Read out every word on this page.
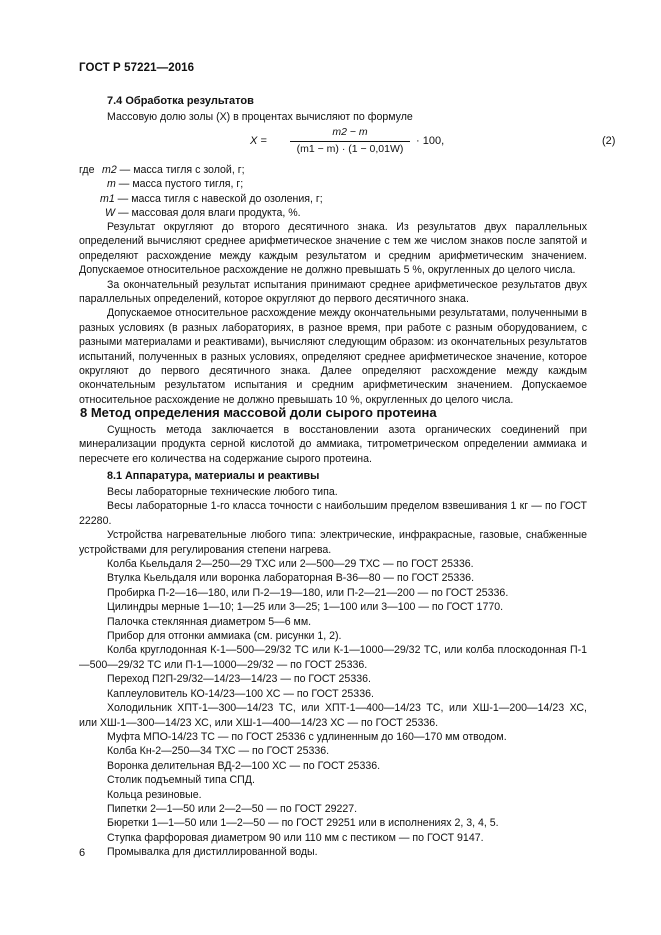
ГОСТ Р 57221—2016
7.4 Обработка результатов
Массовую долю золы (X) в процентах вычисляют по формуле
X =
m2 − m
(m1 − m) · (1 − 0,01W)
· 100,	(2)
где m2 — масса тигля с золой, г;
m — масса пустого тигля, г;
m1 — масса тигля с навеской до озоления, г;
W — массовая доля влаги продукта, %.

Результат округляют до второго десятичного знака. Из результатов двух параллельных определений вычисляют среднее арифметическое значение с тем же числом знаков после запятой и определяют расхождение между каждым результатом и средним арифметическим значением. Допускаемое относительное расхождение не должно превышать 5 %, округленных до целого числа.

За окончательный результат испытания принимают среднее арифметическое результатов двух параллельных определений, которое округляют до первого десятичного знака.

Допускаемое относительное расхождение между окончательными результатами, полученными в разных условиях (в разных лабораториях, в разное время, при работе с разным оборудованием, с разными материалами и реактивами), вычисляют следующим образом: из окончательных результатов испытаний, полученных в разных условиях, определяют среднее арифметическое значение, которое округляют до первого десятичного знака. Далее определяют расхождение между каждым окончательным результатом испытания и средним арифметическим значением. Допускаемое относительное расхождение не должно превышать 10 %, округленных до целого числа.

8 Метод определения массовой доли сырого протеина

Сущность метода заключается в восстановлении азота органических соединений при минерализации продукта серной кислотой до аммиака, титрометрическом определении аммиака и пересчете его количества на содержание сырого протеина.

8.1 Аппаратура, материалы и реактивы

Весы лабораторные технические любого типа.

Весы лабораторные 1-го класса точности с наибольшим пределом взвешивания 1 кг — по ГОСТ 22280.

Устройства нагревательные любого типа: электрические, инфракрасные, газовые, снабженные устройствами для регулирования степени нагрева.

Колба Кьельдаля 2—250—29 ТХС или 2—500—29 ТХС — по ГОСТ 25336.

Втулка Кьельдаля или воронка лабораторная В-36—80 — по ГОСТ 25336.

Пробирка П-2—16—180, или П-2—19—180, или П-2—21—200 — по ГОСТ 25336.

Цилиндры мерные 1—10; 1—25 или 3—25; 1—100 или 3—100 — по ГОСТ 1770.

Палочка стеклянная диаметром 5—6 мм.

Прибор для отгонки аммиака (см. рисунки 1, 2).

Колба круглодонная К-1—500—29/32 ТС или К-1—1000—29/32 ТС, или колба плоскодонная П-1—500—29/32 ТС или П-1—1000—29/32 — по ГОСТ 25336.

Переход П2П-29/32—14/23—14/23 — по ГОСТ 25336.

Каплеуловитель КО-14/23—100 ХС — по ГОСТ 25336.

Холодильник ХПТ-1—300—14/23 ТС, или ХПТ-1—400—14/23 ТС, или ХШ-1—200—14/23 ХС, или ХШ-1—300—14/23 ХС, или ХШ-1—400—14/23 ХС — по ГОСТ 25336.

Муфта МПО-14/23 ТС — по ГОСТ 25336 с удлиненным до 160—170 мм отводом.

Колба Кн-2—250—34 ТХС — по ГОСТ 25336.

Воронка делительная ВД-2—100 ХС — по ГОСТ 25336.

Столик подъемный типа СПД.

Кольца резиновые.

Пипетки 2—1—50 или 2—2—50 — по ГОСТ 29227.

Бюретки 1—1—50 или 1—2—50 — по ГОСТ 29251 или в исполнениях 2, 3, 4, 5.

Ступка фарфоровая диаметром 90 или 110 мм с пестиком — по ГОСТ 9147.

Промывалка для дистиллированной воды.

6
